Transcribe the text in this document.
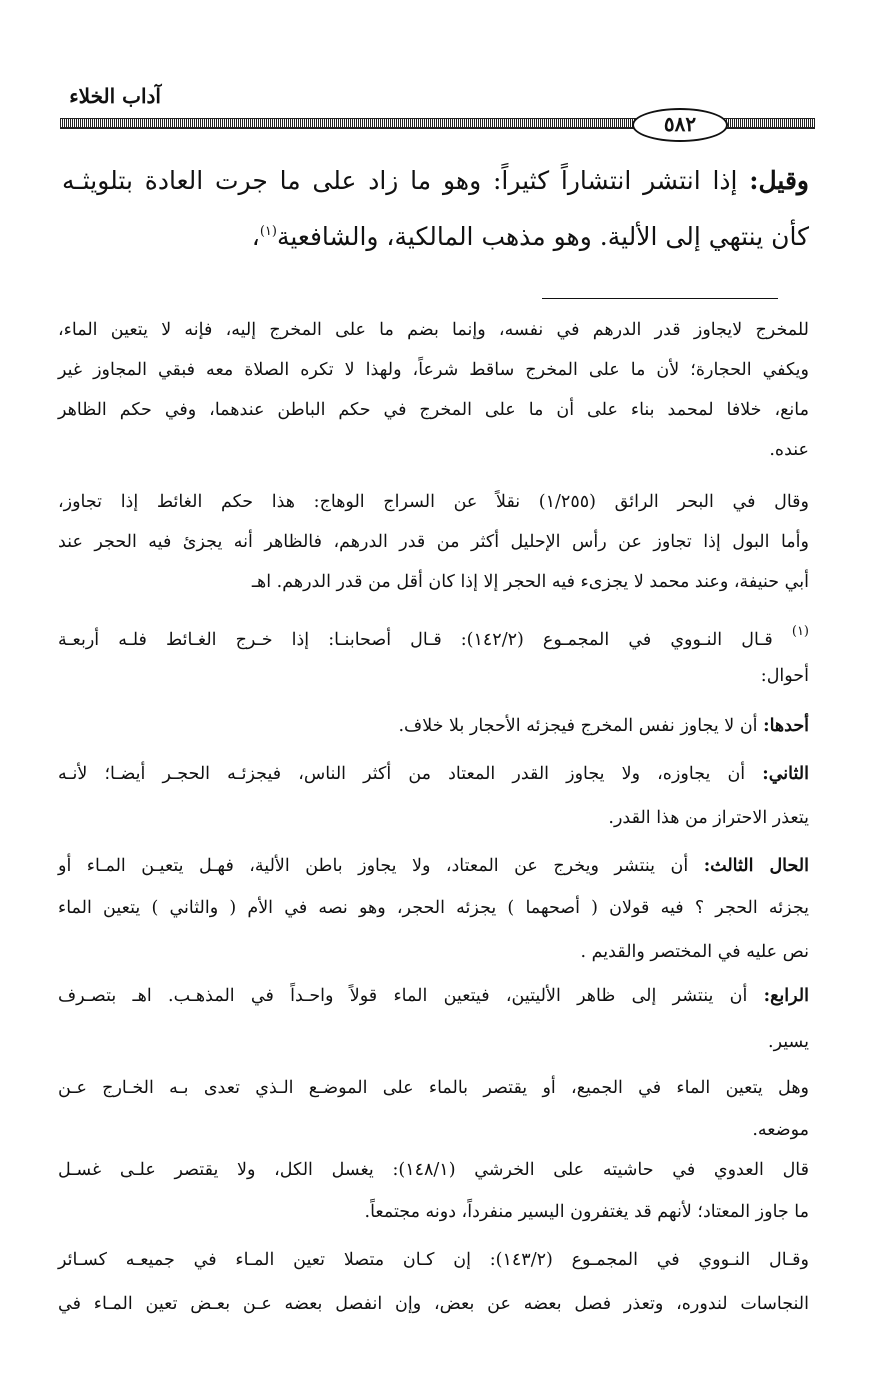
آداب الخلاء
٥٨٢
وقيل: إذا انتشر انتشاراً كثيراً: وهو ما زاد على ما جرت العادة بتلويثـه
كأن ينتهي إلى الألية. وهو مذهب المالكية، والشافعية$^{(١)}$،
للمخرج لايجاوز قدر الدرهم في نفسه، وإنما بضم ما على المخرج إليه، فإنه لا يتعين الماء،
ويكفي الحجارة؛ لأن ما على المخرج ساقط شرعاً، ولهذا لا تكره الصلاة معه فبقي المجاوز غير
مانع، خلافا لمحمد بناء على أن ما على المخرج في حكم الباطن عندهما، وفي حكم الظاهر
عنده.
وقال في البحر الرائق (١/٢٥٥) نقلاً عن السراج الوهاج: هذا حكم الغائط إذا تجاوز،
وأما البول إذا تجاوز عن رأس الإحليل أكثر من قدر الدرهم، فالظاهر أنه يجزئ فيه الحجر عند
أبي حنيفة، وعند محمد لا يجزىء فيه الحجر إلا إذا كان أقل من قدر الدرهم. اهـ
$^{(١)}$ قـال النـووي في المجمـوع (١٤٢/٢): قـال أصحابنـا: إذا خـرج الغـائط فلـه أربعـة
أحوال:
أحدها: أن لا يجاوز نفس المخرج فيجزئه الأحجار بلا خلاف.
الثاني: أن يجاوزه، ولا يجاوز القدر المعتاد من أكثر الناس، فيجزئـه الحجـر أيضـا؛ لأنـه
يتعذر الاحتراز من هذا القدر.
الحال الثالث: أن ينتشر ويخرج عن المعتاد، ولا يجاوز باطن الألية، فهـل يتعيـن المـاء أو
يجزئه الحجر ؟ فيه قولان ( أصحهما ) يجزئه الحجر، وهو نصه في الأم ( والثاني ) يتعين الماء
نص عليه في المختصر والقديم .
الرابع: أن ينتشر إلى ظاهر الأليتين، فيتعين الماء قولاً واحـداً في المذهـب. اهـ بتصـرف
يسير.
وهل يتعين الماء في الجميع، أو يقتصر بالماء على الموضـع الـذي تعدى بـه الخـارج عـن
موضعه.
قال العدوي في حاشيته على الخرشي (١٤٨/١): يغسل الكل، ولا يقتصر علـى غسـل
ما جاوز المعتاد؛ لأنهم قد يغتفرون اليسير منفرداً، دونه مجتمعاً.
وقـال النـووي في المجمـوع (١٤٣/٢): إن كـان متصلا تعين المـاء في جميعـه كسـائر
النجاسات لندوره، وتعذر فصل بعضه عن بعض، وإن انفصل بعضه عـن بعـض تعين المـاء في
